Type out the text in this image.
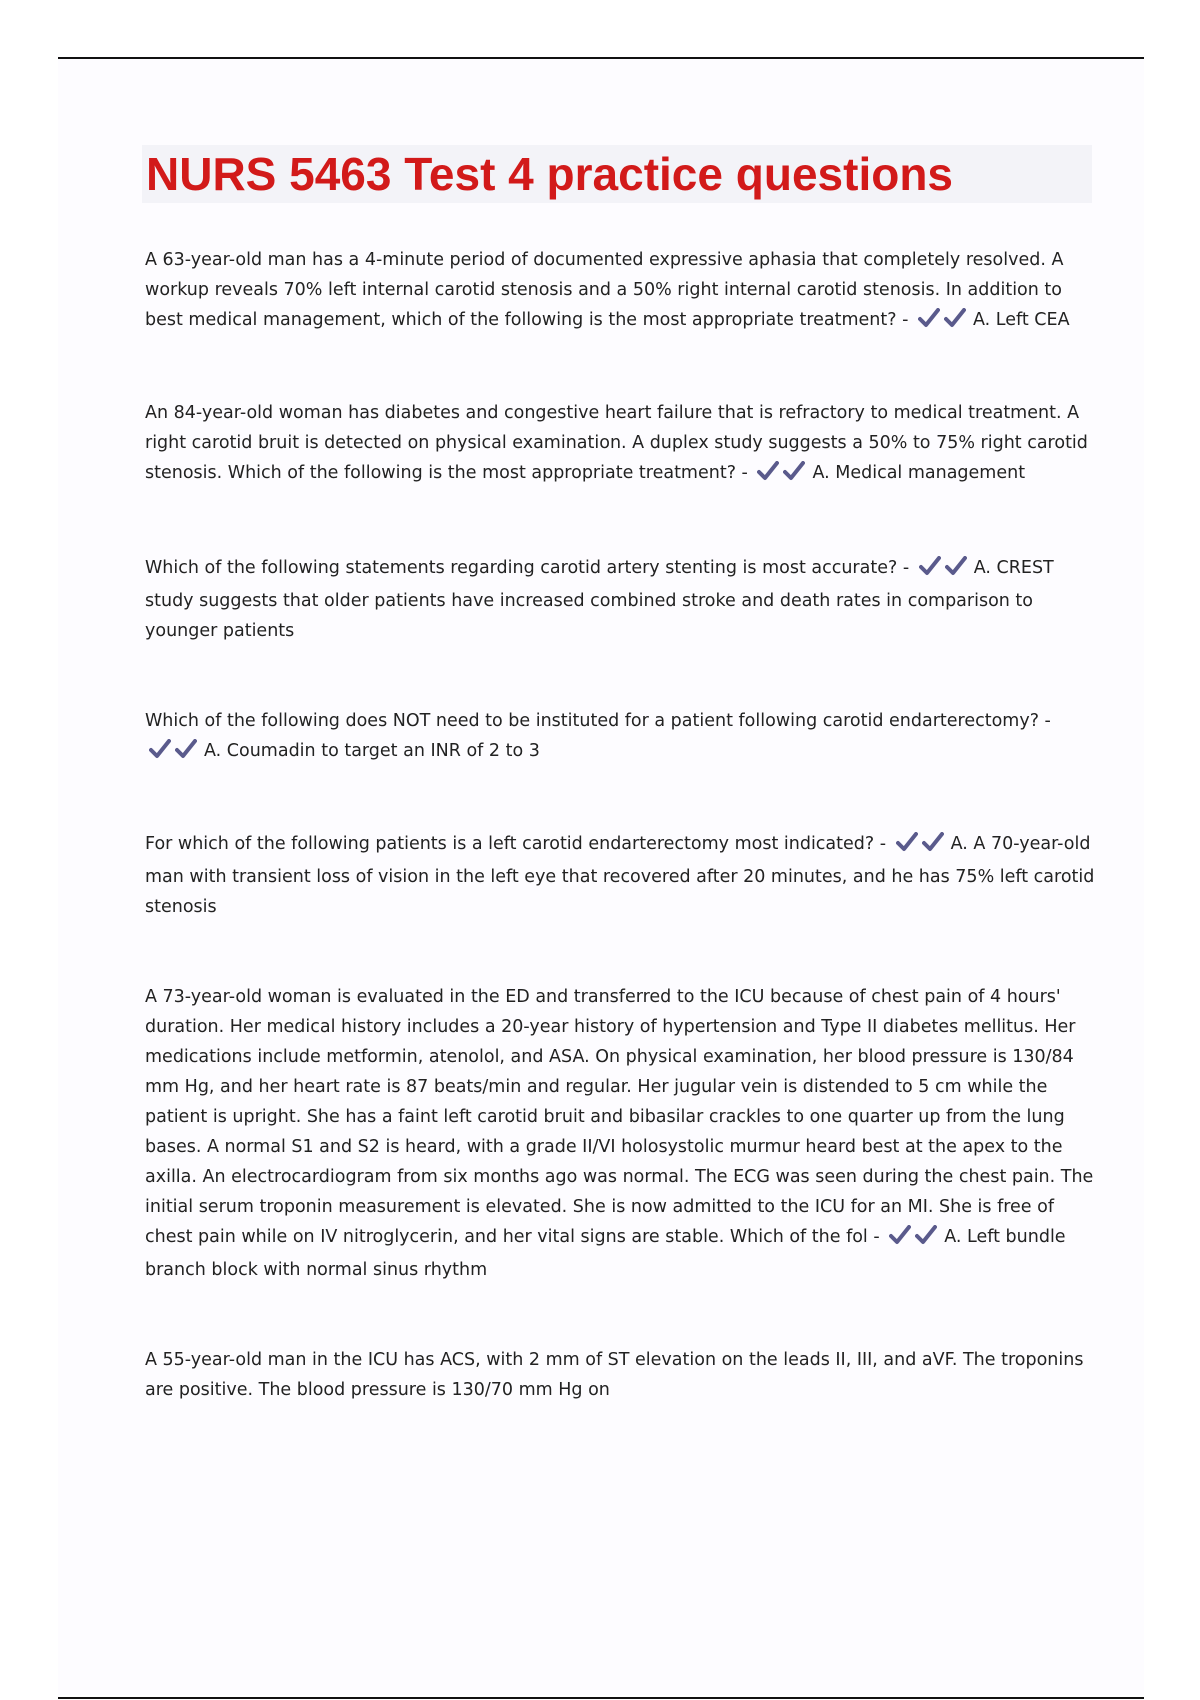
NURS 5463 Test 4 practice questions

A 63-year-old man has a 4-minute period of documented expressive aphasia that completely resolved. A workup reveals 70% left internal carotid stenosis and a 50% right internal carotid stenosis. In addition to best medical management, which of the following is the most appropriate treatment? -	A. Left CEA

An 84-year-old woman has diabetes and congestive heart failure that is refractory to medical treatment. A right carotid bruit is detected on physical examination. A duplex study suggests a 50% to 75% right carotid stenosis. Which of the following is the most appropriate treatment? -	A. Medical management

Which of the following statements regarding carotid artery stenting is most accurate? -	A. CREST study suggests that older patients have increased combined stroke and death rates in comparison to younger patients

Which of the following does NOT need to be instituted for a patient following carotid endarterectomy? -
A. Coumadin to target an INR of 2 to 3

For which of the following patients is a left carotid endarterectomy most indicated? -	A. A 70-year-old man with transient loss of vision in the left eye that recovered after 20 minutes, and he has 75% left carotid stenosis

A 73-year-old woman is evaluated in the ED and transferred to the ICU because of chest pain of 4 hours' duration. Her medical history includes a 20-year history of hypertension and Type II diabetes mellitus. Her medications include metformin, atenolol, and ASA. On physical examination, her blood pressure is 130/84 mm Hg, and her heart rate is 87 beats/min and regular. Her jugular vein is distended to 5 cm while the patient is upright. She has a faint left carotid bruit and bibasilar crackles to one quarter up from the lung bases. A normal S1 and S2 is heard, with a grade II/VI holosystolic murmur heard best at the apex to the axilla. An electrocardiogram from six months ago was normal. The ECG was seen during the chest pain. The initial serum troponin measurement is elevated. She is now admitted to the ICU for an MI. She is free of chest pain while on IV nitroglycerin, and her vital signs are stable. Which of the fol -	A. Left bundle branch block with normal sinus rhythm

A 55-year-old man in the ICU has ACS, with 2 mm of ST elevation on the leads II, III, and aVF. The troponins are positive. The blood pressure is 130/70 mm Hg on
